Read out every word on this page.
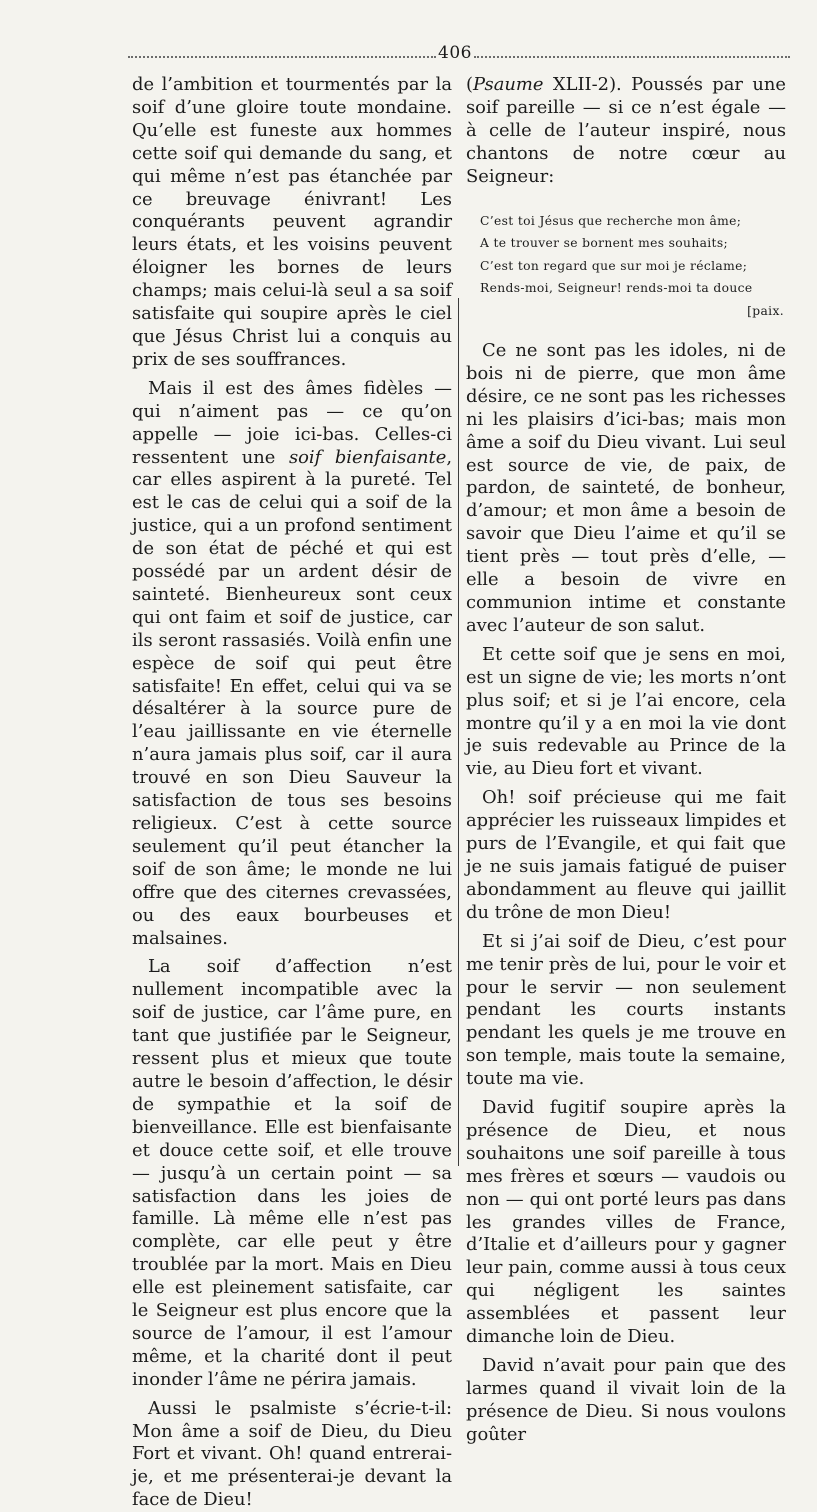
406

de l’ambition et tourmentés par la soif d’une gloire toute mondaine. Qu’elle est funeste aux hommes cette soif qui demande du sang, et qui même n’est pas étanchée par ce breuvage énivrant! Les conquérants peuvent agrandir leurs états, et les voisins peuvent éloigner les bornes de leurs champs; mais celui-là seul a sa soif satisfaite qui soupire après le ciel que Jésus Christ lui a conquis au prix de ses souffrances.

Mais il est des âmes fidèles — qui n’aiment pas — ce qu’on appelle — joie ici-bas. Celles-ci ressentent une soif bienfaisante, car elles aspirent à la pureté. Tel est le cas de celui qui a soif de la justice, qui a un profond sentiment de son état de péché et qui est possédé par un ardent désir de sainteté. Bienheureux sont ceux qui ont faim et soif de justice, car ils seront rassasiés. Voilà enfin une espèce de soif qui peut être satisfaite! En effet, celui qui va se désaltérer à la source pure de l’eau jaillissante en vie éternelle n’aura jamais plus soif, car il aura trouvé en son Dieu Sauveur la satisfaction de tous ses besoins religieux. C’est à cette source seulement qu’il peut étancher la soif de son âme; le monde ne lui offre que des citernes crevassées, ou des eaux bourbeuses et malsaines.

La soif d’affection n’est nullement incompatible avec la soif de justice, car l’âme pure, en tant que justifiée par le Seigneur, ressent plus et mieux que toute autre le besoin d’affection, le désir de sympathie et la soif de bienveillance. Elle est bienfaisante et douce cette soif, et elle trouve — jusqu’à un certain point — sa satisfaction dans les joies de famille. Là même elle n’est pas complète, car elle peut y être troublée par la mort. Mais en Dieu elle est pleinement satisfaite, car le Seigneur est plus encore que la source de l’amour, il est l’amour même, et la charité dont il peut inonder l’âme ne périra jamais.

Aussi le psalmiste s’écrie-t-il: Mon âme a soif de Dieu, du Dieu Fort et vivant. Oh! quand entrerai-je, et me présenterai-je devant la face de Dieu!

(Psaume XLII-2). Poussés par une soif pareille — si ce n’est égale — à celle de l’auteur inspiré, nous chantons de notre cœur au Seigneur:

C’est toi Jésus que recherche mon âme;
A te trouver se bornent mes souhaits;
C’est ton regard que sur moi je réclame;
Rends-moi, Seigneur! rends-moi ta douce
[paix.

Ce ne sont pas les idoles, ni de bois ni de pierre, que mon âme désire, ce ne sont pas les richesses ni les plaisirs d’ici-bas; mais mon âme a soif du Dieu vivant. Lui seul est source de vie, de paix, de pardon, de sainteté, de bonheur, d’amour; et mon âme a besoin de savoir que Dieu l’aime et qu’il se tient près — tout près d’elle, — elle a besoin de vivre en communion intime et constante avec l’auteur de son salut.

Et cette soif que je sens en moi, est un signe de vie; les morts n’ont plus soif; et si je l’ai encore, cela montre qu’il y a en moi la vie dont je suis redevable au Prince de la vie, au Dieu fort et vivant.

Oh! soif précieuse qui me fait apprécier les ruisseaux limpides et purs de l’Evangile, et qui fait que je ne suis jamais fatigué de puiser abondamment au fleuve qui jaillit du trône de mon Dieu!

Et si j’ai soif de Dieu, c’est pour me tenir près de lui, pour le voir et pour le servir — non seulement pendant les courts instants pendant les quels je me trouve en son temple, mais toute la semaine, toute ma vie.

David fugitif soupire après la présence de Dieu, et nous souhaitons une soif pareille à tous mes frères et sœurs — vaudois ou non — qui ont porté leurs pas dans les grandes villes de France, d’Italie et d’ailleurs pour y gagner leur pain, comme aussi à tous ceux qui négligent les saintes assemblées et passent leur dimanche loin de Dieu.

David n’avait pour pain que des larmes quand il vivait loin de la présence de Dieu. Si nous voulons goûter
